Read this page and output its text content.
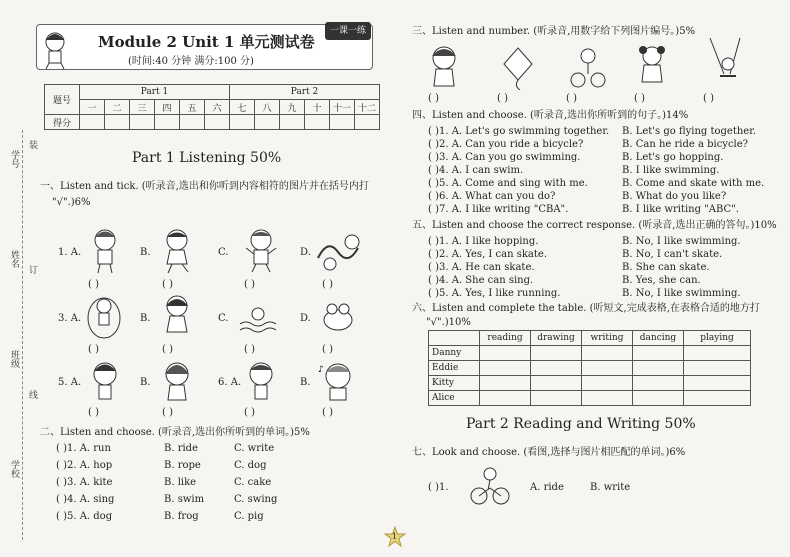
装
订
线
学号
姓名
班级
学校
Module 2 Unit 1 单元测试卷
(时间:40 分钟 满分:100 分)
一课一练
题号	Part 1						Part 2					
	一	二	三	四	五	六	七	八	九	十	十一	十二
得分												
Part 1 Listening 50%
一、Listen and tick. (听录音,选出和你听到内容相符的图片并在括号内打
"√".)6%
1. A.	B.	C.	D.
( )	( )	( )	( )
3. A.	B.	C.	D.
( )	( )	( )	( )
5. A.	B.	6. A.	B.
♪
( )	( )	( )	( )
二、Listen and choose. (听录音,选出你所听到的单词。)5%
( )1. A. run	B. ride	C. write
( )2. A. hop	B. rope	C. dog
( )3. A. kite	B. like	C. cake
( )4. A. sing	B. swim	C. swing
( )5. A. dog	B. frog	C. pig
三、Listen and number. (听录音,用数字给下列图片编号。)5%
( )	( )	( )	( )	( )
四、Listen and choose. (听录音,选出你所听到的句子。)14%
( )1. A. Let's go swimming together. B. Let's go flying together.
( )2. A. Can you ride a bicycle?	B. Can he ride a bicycle?
( )3. A. Can you go swimming.	B. Let's go hopping.
( )4. A. I can swim.	B. I like swimming.
( )5. A. Come and sing with me.	B. Come and skate with me.
( )6. A. What can you do?	B. What do you like?
( )7. A. I like writing "CBA".	B. I like writing "ABC".
五、Listen and choose the correct response. (听录音,选出正确的答句。)10%
( )1. A. I like hopping.	B. No, I like swimming.
( )2. A. Yes, I can skate.	B. No, I can't skate.
( )3. A. He can skate.	B. She can skate.
( )4. A. She can sing.	B. Yes, she can.
( )5. A. Yes, I like running.	B. No, I like swimming.
六、Listen and complete the table. (听短文,完成表格,在表格合适的地方打
"√".)10%
	reading	drawing	writing	dancing	playing
Danny					
Eddie					
Kitty					
Alice					
Part 2 Reading and Writing 50%
七、Look and choose. (看图,选择与图片相匹配的单词。)6%
( )1.	A. ride	B. write
1
